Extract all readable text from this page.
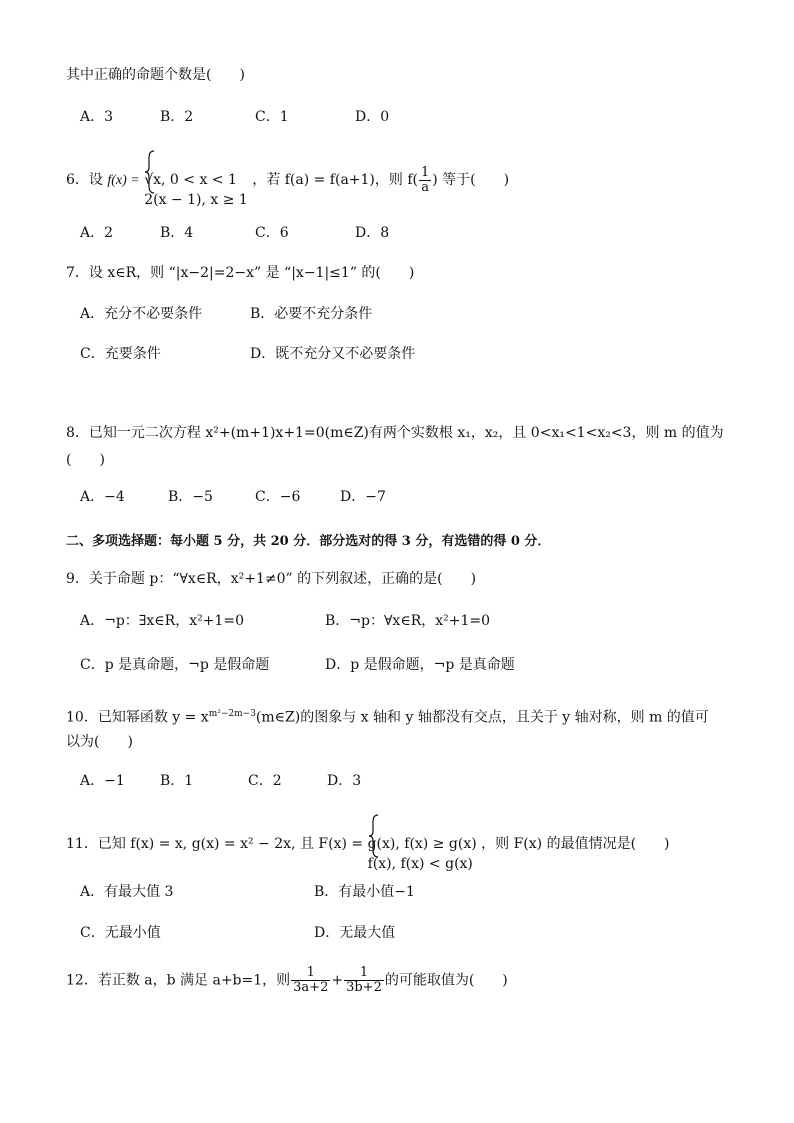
其中正确的命题个数是(　　)
A．3	B．2	C．1	D．0
6．设 f(x) = √x, 0 < x < 1
2(x − 1), x ≥ 1
，若 f(a) = f(a+1)，则 $f( \frac{1}{a}$ ) 等于(　　)
A．2	B．4	C．6	D．8
7．设 x∈R，则 “|x−2|=2−x” 是 “|x−1|≤1” 的(　　)
A．充分不必要条件	B．必要不充分条件
C．充要条件	D．既不充分又不必要条件
8．已知一元二次方程 x²+(m+1)x+1=0(m∈Z)有两个实数根 x₁，x₂，且 0<x₁<1<x₂<3，则 m 的值为
(　　)
A．−4	B．−5	C．−6	D．−7
二、多项选择题：每小题 5 分，共 20 分．部分选对的得 3 分，有选错的得 0 分．
9．关于命题 p：“∀x∈R，x²+1≠0” 的下列叙述，正确的是(　　)
A．¬p：∃x∈R，x²+1=0	B．¬p：∀x∈R，x²+1=0
C．p 是真命题，¬p 是假命题	D．p 是假命题，¬p 是真命题
10．已知幂函数 $y = x^{m^2-2m-3}(m\in Z)$的图象与 x 轴和 y 轴都没有交点，且关于 y 轴对称，则 m 的值可
以为(　　)
A．−1	B．1	C．2	D．3
11．已知 f(x) = x, g(x) = x² − 2x, 且 F(x) = g(x), f(x) ≥ g(x)
f(x), f(x) < g(x)
，则 F(x) 的最值情况是(　　)
A．有最大值 3	B．有最小值−1
C．无最小值	D．无最大值
12．若正数 a，b 满足 a+b=1，则 $\frac{1}{3a+2} + \frac{1}{3b+2}$ 的可能取值为(　　)
